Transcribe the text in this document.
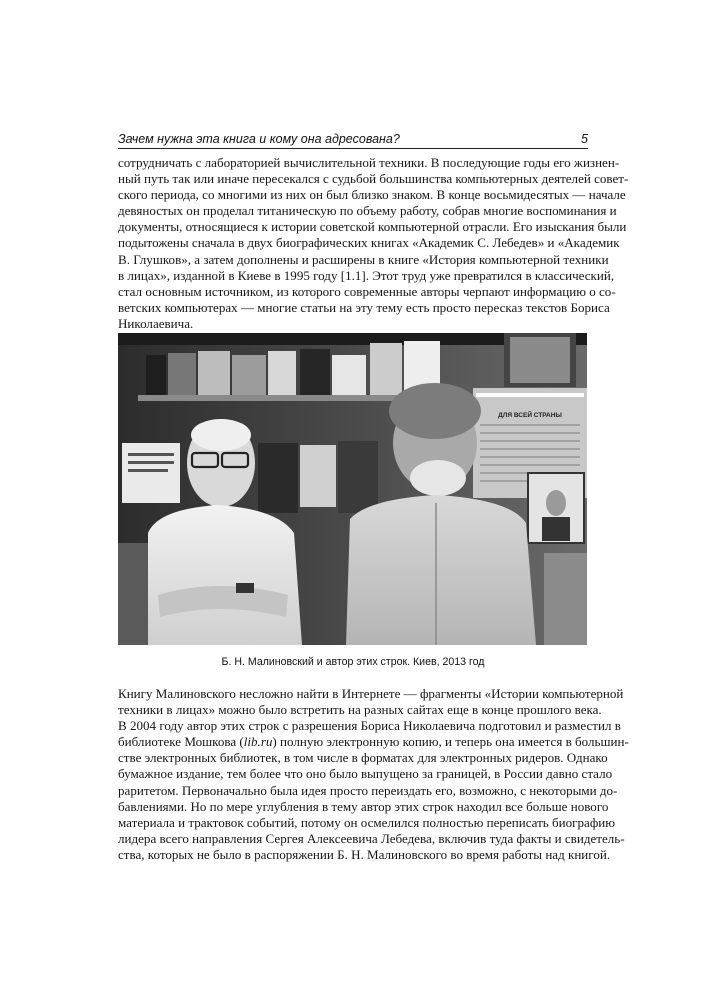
Зачем нужна эта книга и кому она адресована?	5
сотрудничать с лабораторией вычислительной техники. В последующие годы его жизнен-
ный путь так или иначе пересекался с судьбой большинства компьютерных деятелей совет-
ского периода, со многими из них он был близко знаком. В конце восьмидесятых — начале
девяностых он проделал титаническую по объему работу, собрав многие воспоминания и
документы, относящиеся к истории советской компьютерной отрасли. Его изыскания были
подытожены сначала в двух биографических книгах «Академик С. Лебедев» и «Академик
В. Глушков», а затем дополнены и расширены в книге «История компьютерной техники
в лицах», изданной в Киеве в 1995 году [1.1]. Этот труд уже превратился в классический,
стал основным источником, из которого современные авторы черпают информацию о со-
ветских компьютерах — многие статьи на эту тему есть просто пересказ текстов Бориса
Николаевича.
ДЛЯ ВСЕЙ СТРАНЫ
Б. Н. Малиновский и автор этих строк. Киев, 2013 год
Книгу Малиновского несложно найти в Интернете — фрагменты «Истории компьютерной
техники в лицах» можно было встретить на разных сайтах еще в конце прошлого века.
В 2004 году автор этих строк с разрешения Бориса Николаевича подготовил и разместил в
библиотеке Мошкова (lib.ru) полную электронную копию, и теперь она имеется в большин-
стве электронных библиотек, в том числе в форматах для электронных ридеров. Однако
бумажное издание, тем более что оно было выпущено за границей, в России давно стало
раритетом. Первоначально была идея просто переиздать его, возможно, с некоторыми до-
бавлениями. Но по мере углубления в тему автор этих строк находил все больше нового
материала и трактовок событий, потому он осмелился полностью переписать биографию
лидера всего направления Сергея Алексеевича Лебедева, включив туда факты и свидетель-
ства, которых не было в распоряжении Б. Н. Малиновского во время работы над книгой.
